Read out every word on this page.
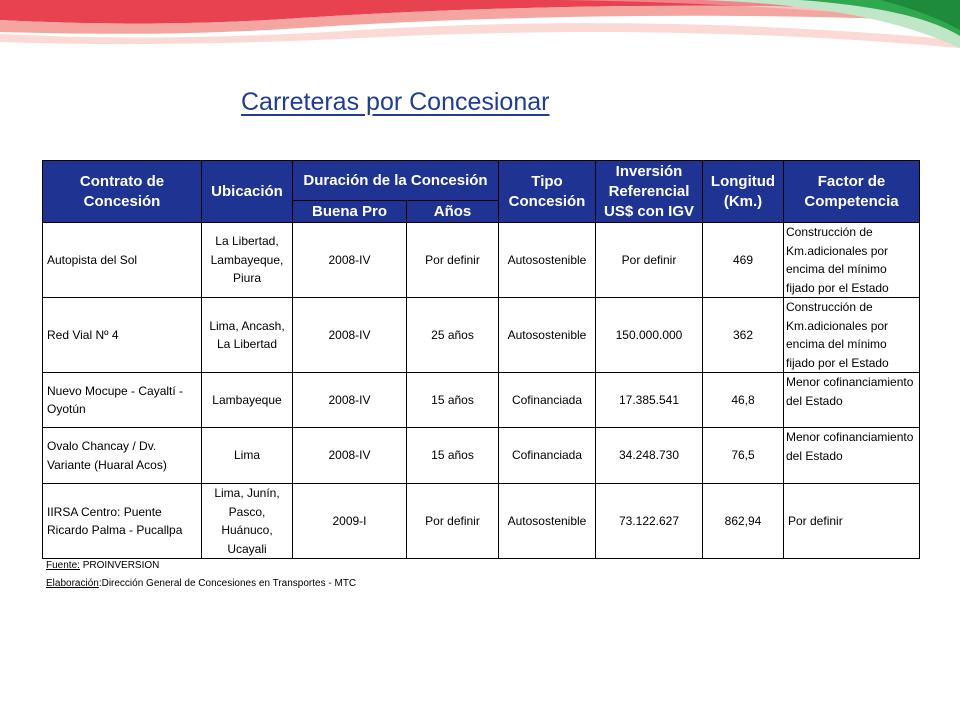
Carreteras por Concesionar
Contrato de Concesión	Ubicación	Duración de la Concesión		Tipo Concesión	Inversión Referencial US$ con IGV	Longitud (Km.)	Factor de Competencia
		Buena Pro	Años				
Autopista del Sol	La Libertad, Lambayeque, Piura	2008-IV	Por definir	Autosostenible	Por definir	469	Construcción de Km.adicionales por encima del mínimo fijado por el Estado
Red Vial Nº 4	Lima, Ancash, La Libertad	2008-IV	25 años	Autosostenible	150.000.000	362	Construcción de Km.adicionales por encima del mínimo fijado por el Estado
Nuevo Mocupe - Cayaltí - Oyotún	Lambayeque	2008-IV	15 años	Cofinanciada	17.385.541	46,8	Menor cofinanciamiento del Estado
Ovalo Chancay / Dv. Variante (Huaral Acos)	Lima	2008-IV	15 años	Cofinanciada	34.248.730	76,5	Menor cofinanciamiento del Estado
IIRSA Centro: Puente Ricardo Palma - Pucallpa	Lima, Junín, Pasco, Huánuco, Ucayali	2009-I	Por definir	Autosostenible	73.122.627	862,94	Por definir
Fuente: PROINVERSION
Elaboración:Dirección General de Concesiones en Transportes - MTC
